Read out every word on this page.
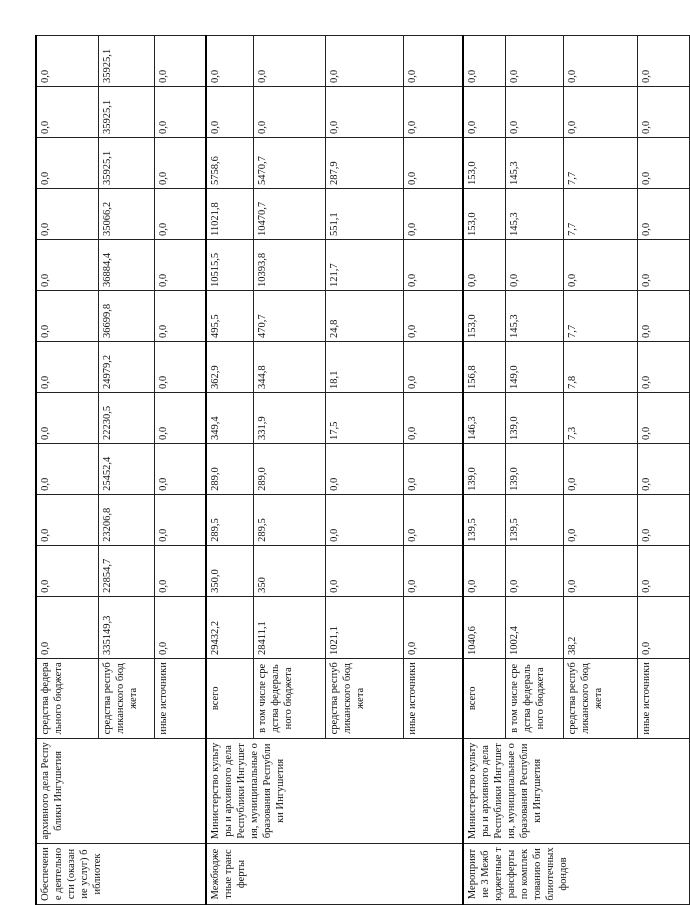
Обеспечение деятельности (оказание услуг) библиотек	архивного дела Республики Ингушетия	средства федерального бюджета	0,0	0,0	0,0	0,0	0,0	0,0	0,0	0,0	0,0	0,0	0,0	0,0
		средства республиканского бюджета	335149,3	22854,7	23206,8	25452,4	22230,5	24979,2	36699,8	36884,4	35066,2	35925,1	35925,1	35925,1
		иные источники	0,0	0,0	0,0	0,0	0,0	0,0	0,0	0,0	0,0	0,0	0,0	0,0
Межбюджетные трансферты	Министерство культуры и архивного дела Республики Ингушетия, муниципальные образования Республики Ингушетия	всего	29432,2	350,0	289,5	289,0	349,4	362,9	495,5	10515,5	11021,8	5758,6	0,0	0,0
		в том числе средства федерального бюджета	28411,1	350	289,5	289,0	331,9	344,8	470,7	10393,8	10470,7	5470,7	0,0	0,0
		средства республиканского бюджета	1021,1	0,0	0,0	0,0	17,5	18,1	24,8	121,7	551,1	287,9	0,0	0,0
		иные источники	0,0	0,0	0,0	0,0	0,0	0,0	0,0	0,0	0,0	0,0	0,0	0,0
Мероприятие 3 Межбюджетные трансферты по комплектованию библиотечных фондов	Министерство культуры и архивного дела Республики Ингушетия, муниципальные образования Республики Ингушетия	всего	1040,6	0,0	139,5	139,0	146,3	156,8	153,0	0,0	153,0	153,0	0,0	0,0
		в том числе средства федерального бюджета	1002,4	0,0	139,5	139,0	139,0	149,0	145,3	0,0	145,3	145,3	0,0	0,0
		средства республиканского бюджета	38,2	0,0	0,0	0,0	7,3	7,8	7,7	0,0	7,7	7,7	0,0	0,0
		иные источники	0,0	0,0	0,0	0,0	0,0	0,0	0,0	0,0	0,0	0,0	0,0	0,0
